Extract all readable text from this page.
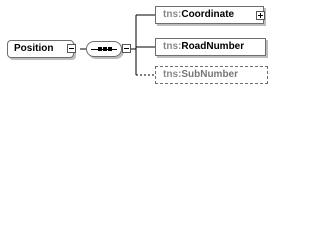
Position
tns: Coordinate
tns: RoadNumber
tns: SubNumber
